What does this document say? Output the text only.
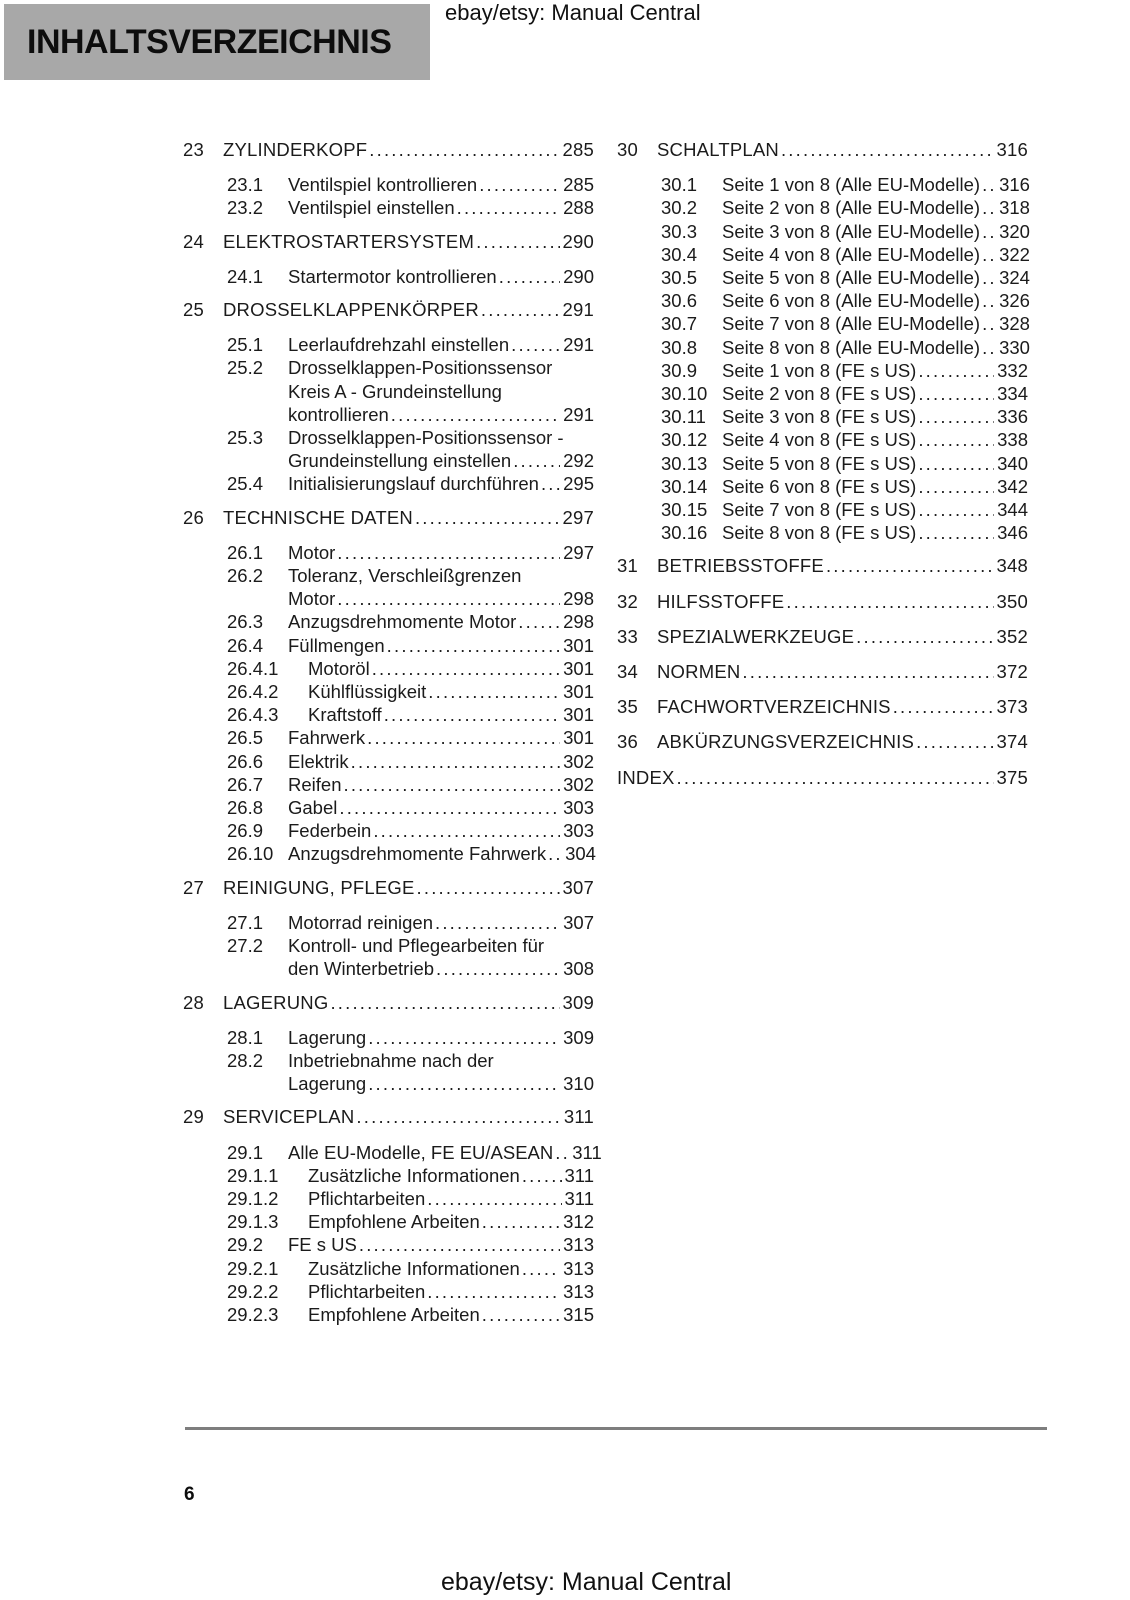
INHALTSVERZEICHNIS
ebay/etsy: Manual Central
23	ZYLINDERKOPF .....	285
23.1	Ventilspiel kontrollieren .....	285
23.2	Ventilspiel einstellen .....	288
24	ELEKTROSTARTERSYSTEM .....	290
24.1	Startermotor kontrollieren .....	290
25	DROSSELKLAPPENKÖRPER .....	291
25.1	Leerlaufdrehzahl einstellen .....	291
25.2	Drosselklappen-Positionssensor
Kreis A - Grundeinstellung
kontrollieren .....	291
25.3	Drosselklappen-Positionssensor -
Grundeinstellung einstellen .....	292
25.4	Initialisierungslauf durchführen ..... 295
26	TECHNISCHE DATEN .....	297
26.1	Motor .....	297
26.2	Toleranz, Verschleißgrenzen
Motor .....	298
26.3	Anzugsdrehmomente Motor .....	298
26.4	Füllmengen .....	301
26.4.1	Motoröl .....	301
26.4.2	Kühlflüssigkeit .....	301
26.4.3	Kraftstoff .....	301
26.5	Fahrwerk .....	301
26.6	Elektrik .....	302
26.7	Reifen .....	302
26.8	Gabel .....	303
26.9	Federbein .....	303
26.10 Anzugsdrehmomente Fahrwerk ..... 304
27	REINIGUNG, PFLEGE .....	307
27.1	Motorrad reinigen .....	307
27.2	Kontroll- und Pflegearbeiten für
den Winterbetrieb .....	308
28	LAGERUNG .....	309
28.1	Lagerung .....	309
28.2	Inbetriebnahme nach der
Lagerung .....	310
29	SERVICEPLAN .....	311
29.1	Alle EU-Modelle, FE EU/ASEAN ..... 311
29.1.1	Zusätzliche Informationen ..... 311
29.1.2	Pflichtarbeiten .....	311
29.1.3	Empfohlene Arbeiten .....	312
29.2	FE s US .....	313
29.2.1	Zusätzliche Informationen ..... 313
29.2.2	Pflichtarbeiten .....	313
29.2.3	Empfohlene Arbeiten .....	315
30	SCHALTPLAN .....	316
30.1	Seite 1 von 8 (Alle EU-Modelle) ..... 316
30.2	Seite 2 von 8 (Alle EU-Modelle) ..... 318
30.3	Seite 3 von 8 (Alle EU-Modelle) ..... 320
30.4	Seite 4 von 8 (Alle EU-Modelle) ..... 322
30.5	Seite 5 von 8 (Alle EU-Modelle) ..... 324
30.6	Seite 6 von 8 (Alle EU-Modelle) ..... 326
30.7	Seite 7 von 8 (Alle EU-Modelle) ..... 328
30.8	Seite 8 von 8 (Alle EU-Modelle) ..... 330
30.9	Seite 1 von 8 (FE s US) .....	332
30.10 Seite 2 von 8 (FE s US) .....	334
30.11 Seite 3 von 8 (FE s US) .....	336
30.12 Seite 4 von 8 (FE s US) .....	338
30.13 Seite 5 von 8 (FE s US) .....	340
30.14 Seite 6 von 8 (FE s US) .....	342
30.15 Seite 7 von 8 (FE s US) .....	344
30.16 Seite 8 von 8 (FE s US) .....	346
31	BETRIEBSSTOFFE .....	348
32	HILFSSTOFFE .....	350
33	SPEZIALWERKZEUGE .....	352
34	NORMEN .....	372
35	FACHWORTVERZEICHNIS .....	373
36	ABKÜRZUNGSVERZEICHNIS .....	374
INDEX .....	375
6
ebay/etsy: Manual Central
